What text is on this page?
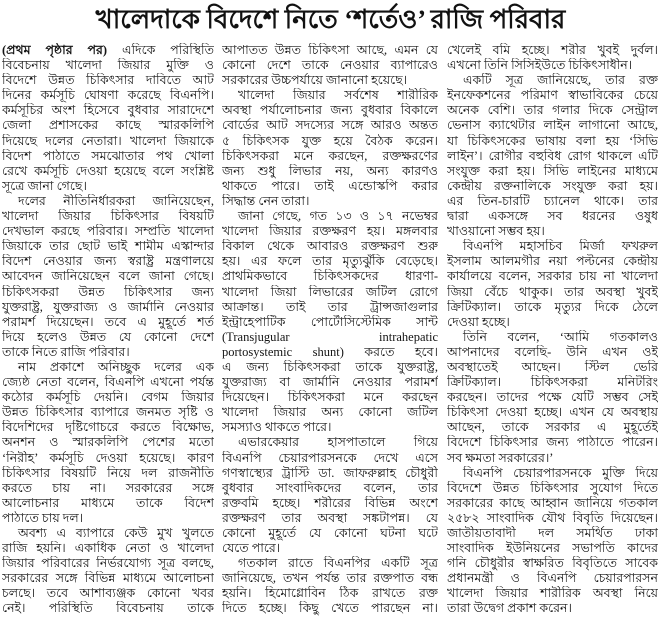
খালেদাকে বিদেশে নিতে ‘শর্তেও’ রাজি পরিবার
(প্রথম পৃষ্ঠার পর) এদিকে পরিস্থিতি
বিবেচনায় খালেদা জিয়ার মুক্তি ও
বিদেশে উন্নত চিকিৎসার দাবিতে আট
দিনের কর্মসূচি ঘোষণা করেছে বিএনপি।
কর্মসূচির অংশ হিসেবে বুধবার সারাদেশে
জেলা প্রশাসকের কাছে স্মারকলিপি
দিয়েছে দলের নেতারা। খালেদা জিয়াকে
বিদেশ পাঠাতে সমঝোতার পথ খোলা
রেখে কর্মসূচি দেওয়া হয়েছে বলে সংশ্লিষ্ট
সূত্রে জানা গেছে।
দলের নীতিনির্ধারকরা জানিয়েছেন,
খালেদা জিয়ার চিকিৎসার বিষয়টি
দেখভাল করছে পরিবার। সম্প্রতি খালেদা
জিয়াকে তার ছোট ভাই শামীম এস্কান্দার
বিদেশ নেওয়ার জন্য স্বরাষ্ট্র মন্ত্রণালয়ে
আবেদন জানিয়েছেন বলে জানা গেছে।
চিকিৎসকরা উন্নত চিকিৎসার জন্য
যুক্তরাষ্ট্র, যুক্তরাজ্য ও জার্মানি নেওয়ার
পরামর্শ দিয়েছেন। তবে এ মুহূর্তে শর্ত
দিয়ে হলেও উন্নত যে কোনো দেশে
তাকে নিতে রাজি পরিবার।
নাম প্রকাশে অনিচ্ছুক দলের এক
জ্যেষ্ঠ নেতা বলেন, বিএনপি এখনো পর্যন্ত
কঠোর কর্মসূচি দেয়নি। বেগম জিয়ার
উন্নত চিকিৎসার ব্যাপারে জনমত সৃষ্টি ও
বিদেশিদের দৃষ্টিগোচরে করতে বিক্ষোভ,
অনশন ও স্মারকলিপি পেশের মতো
‘নিরীহ’ কর্মসূচি দেওয়া হয়েছে। কারণ
চিকিৎসার বিষয়টি নিয়ে দল রাজনীতি
করতে চায় না। সরকারের সঙ্গে
আলোচনার মাধ্যমে তাকে বিদেশ
পাঠাতে চায় দল।
অবশ্য এ ব্যাপারে কেউ মুখ খুলতে
রাজি হয়নি। একাধিক নেতা ও খালেদা
জিয়ার পরিবারের নির্ভরযোগ্য সূত্র বলছে,
সরকারের সঙ্গে বিভিন্ন মাধ্যমে আলোচনা
চলছে। তবে আশাব্যঞ্জক কোনো খবর
নেই। পরিস্থিতি বিবেচনায় তাকে
আপাতত উন্নত চিকিৎসা আছে, এমন যে
কোনো দেশে তাকে নেওয়ার ব্যাপারেও
সরকারের উচ্চপর্যায়ে জানানো হয়েছে।
খালেদা জিয়ার সর্বশেষ শারীরিক
অবস্থা পর্যালোচনার জন্য বুধবার বিকালে
বোর্ডের আট সদস্যের সঙ্গে আরও অন্তত
৫ চিকিৎসক যুক্ত হয়ে বৈঠক করেন।
চিকিৎসকরা মনে করছেন, রক্তক্ষরণের
জন্য শুধু লিভার নয়, অন্য কারণও
থাকতে পারে। তাই এন্ডোস্কপি করার
সিদ্ধান্ত নেন তারা।
জানা গেছে, গত ১৩ ও ১৭ নভেম্বর
খালেদা জিয়ার রক্তক্ষরণ হয়। মঙ্গলবার
বিকাল থেকে আবারও রক্তক্ষরণ শুরু
হয়। এর ফলে তার মৃত্যুঝুঁকি বেড়েছে।
প্রাথমিকভাবে চিকিৎসকদের ধারণা-
খালেদা জিয়া লিভারের জটিল রোগে
আক্রান্ত। তাই তার ট্রান্সজাগুলার
ইন্ট্রাহেপাটিক পোর্টোসিস্টেমিক সান্ট
(Transjugular intrahepatic
portosystemic shunt) করতে হবে।
এ জন্য চিকিৎসকরা তাকে যুক্তরাষ্ট্র,
যুক্তরাজ্য বা জার্মানি নেওয়ার পরামর্শ
দিয়েছেন। চিকিৎসকরা মনে করছেন
খালেদা জিয়ার অন্য কোনো জটিল
সমস্যাও থাকতে পারে।
এভারকেয়ার হাসপাতালে গিয়ে
বিএনপি চেয়ারপারসনকে দেখে এসে
গণস্বাস্থ্যের ট্রাস্টি ডা. জাফরুল্লাহ চৌধুরী
বুধবার সাংবাদিকদের বলেন, তার
রক্তবমি হচ্ছে। শরীরের বিভিন্ন অংশে
রক্তক্ষরণ তার অবস্থা সঙ্কটাপন্ন। যে
কোনো মুহূর্তে যে কোনো ঘটনা ঘটে
যেতে পারে।
গতকাল রাতে বিএনপির একটি সূত্র
জানিয়েছে, তখন পর্যন্ত তার রক্তপাত বন্ধ
হয়নি। হিমোগ্লোবিন ঠিক রাখতে রক্ত
দিতে হচ্ছে। কিছু খেতে পারছেন না।
খেলেই বমি হচ্ছে। শরীর খুবই দুর্বল।
এখনো তিনি সিসিইউতে চিকিৎসাধীন।
একটি সূত্র জানিয়েছে, তার রক্ত
ইনফেকশনের পরিমাণ স্বাভাবিকের চেয়ে
অনেক বেশি। তার গলার দিকে সেন্ট্রাল
ভেনাস ক্যাথেটার লাইন লাগানো আছে,
যা চিকিৎসকের ভাষায় বলা হয় ‘সিভি
লাইন’। রোগীর বহুবিধ রোগ থাকলে এটি
সংযুক্ত করা হয়। সিভি লাইনের মাধ্যমে
কেন্দ্রীয় রক্তনালিকে সংযুক্ত করা হয়।
এর তিন-চারটি চ্যানেল থাকে। তার
দ্বারা একসঙ্গে সব ধরনের ওষুধ
খাওয়ানো সম্ভব হয়।
বিএনপি মহাসচিব মির্জা ফখরুল
ইসলাম আলমগীর নয়া পল্টনের কেন্দ্রীয়
কার্যালয়ে বলেন, সরকার চায় না খালেদা
জিয়া বেঁচে থাকুক। তার অবস্থা খুবই
ক্রিটিক্যাল। তাকে মৃত্যুর দিকে ঠেলে
দেওয়া হচ্ছে।
তিনি বলেন, ‘আমি গতকালও
আপনাদের বলেছি- উনি এখন ওই
অবস্থাতেই আছেন। স্টিল ভেরি
ক্রিটিক্যাল। চিকিৎসকরা মনিটরিং
করছেন। তাদের পক্ষে যেটি সম্ভব সেই
চিকিৎসা দেওয়া হচ্ছে। এখন যে অবস্থায়
আছেন, তাকে সরকার এ মুহূর্তেই
বিদেশে চিকিৎসার জন্য পাঠাতে পারেন।
সব ক্ষমতা সরকারের।’
বিএনপি চেয়ারপারসনকে মুক্তি দিয়ে
বিদেশে উন্নত চিকিৎসার সুযোগ দিতে
সরকারের কাছে আহ্বান জানিয়ে গতকাল
২৫৮২ সাংবাদিক যৌথ বিবৃতি দিয়েছেন।
জাতীয়তাবাদী দল সমর্থিত ঢাকা
সাংবাদিক ইউনিয়নের সভাপতি কাদের
গনি চৌধুরীর স্বাক্ষরিত বিবৃতিতে সাবেক
প্রধানমন্ত্রী ও বিএনপি চেয়ারপারসন
খালেদা জিয়ার শারীরিক অবস্থা নিয়ে
তারা উদ্বেগ প্রকাশ করেন।
